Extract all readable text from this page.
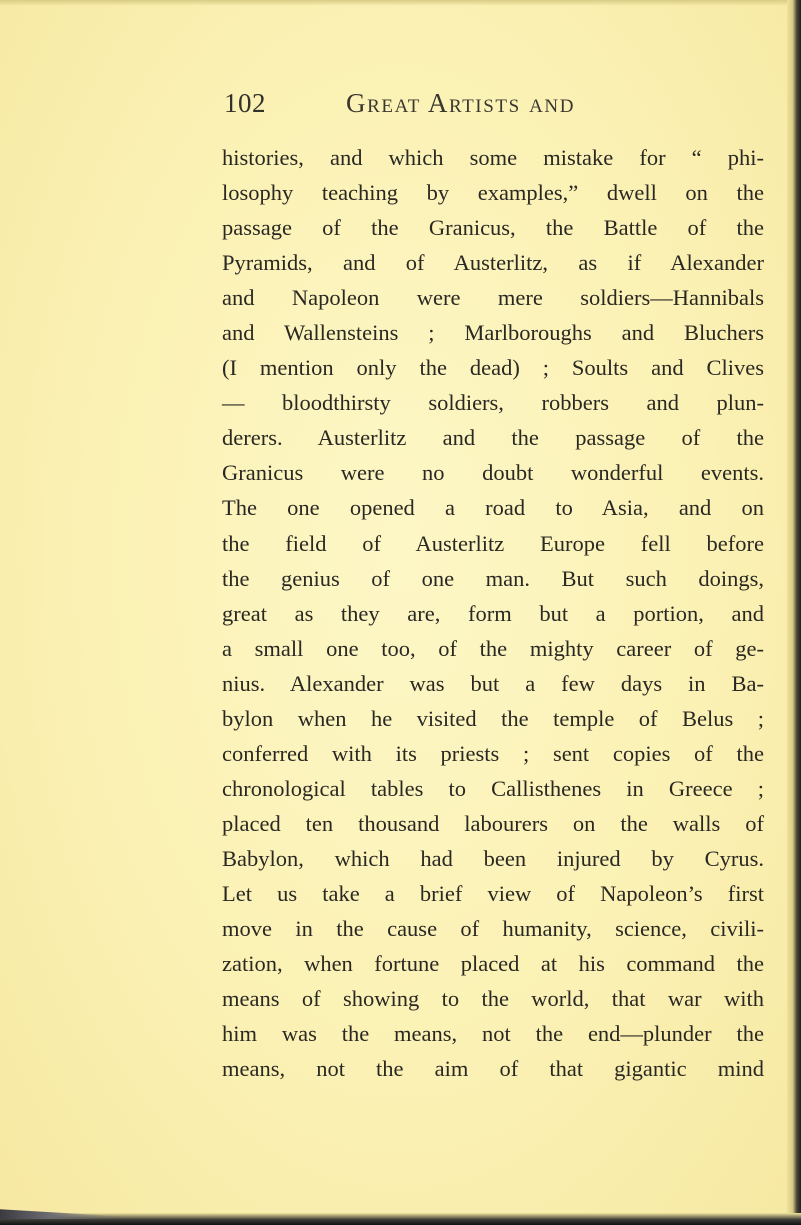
102	Great Artists and
histories, and which some mistake for “ phi-
losophy teaching by examples,” dwell on the
passage of the Granicus, the Battle of the
Pyramids, and of Austerlitz, as if Alexander
and Napoleon were mere soldiers—Hannibals
and Wallensteins ; Marlboroughs and Bluchers
(I mention only the dead) ; Soults and Clives
— bloodthirsty soldiers, robbers and plun-
derers. Austerlitz and the passage of the
Granicus were no doubt wonderful events.
The one opened a road to Asia, and on
the field of Austerlitz Europe fell before
the genius of one man. But such doings,
great as they are, form but a portion, and
a small one too, of the mighty career of ge-
nius. Alexander was but a few days in Ba-
bylon when he visited the temple of Belus ;
conferred with its priests ; sent copies of the
chronological tables to Callisthenes in Greece ;
placed ten thousand labourers on the walls of
Babylon, which had been injured by Cyrus.
Let us take a brief view of Napoleon’s first
move in the cause of humanity, science, civili-
zation, when fortune placed at his command the
means of showing to the world, that war with
him was the means, not the end—plunder the
means, not the aim of that gigantic mind
